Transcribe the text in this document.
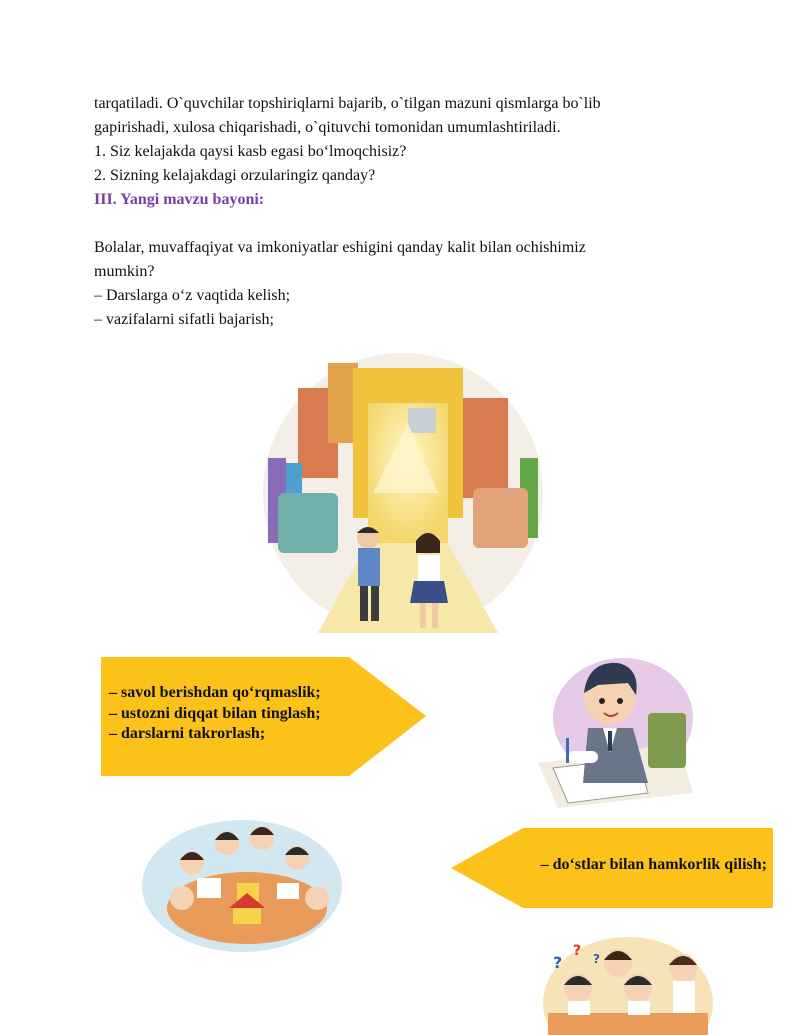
tarqatiladi. O`quvchilar topshiriqlarni bajarib, o`tilgan mazuni qismlarga bo`lib

gapirishadi, xulosa chiqarishadi, o`qituvchi tomonidan umumlashtiriladi.

1. Siz kelajakda qaysi kasb egasi bo‘lmoqchisiz?

2. Sizning kelajakdagi orzularingiz qanday?

III. Yangi mavzu bayoni:

Bolalar, muvaffaqiyat va imkoniyatlar eshigini qanday kalit bilan ochishimiz

mumkin?

– Darslarga o‘z vaqtida kelish;

– vazifalarni sifatli bajarish;

– savol berishdan qo‘rqmaslik;
– ustozni diqqat bilan tinglash;
– darslarni takrorlash;
– do‘stlar bilan hamkorlik qilish;
?
? ?
